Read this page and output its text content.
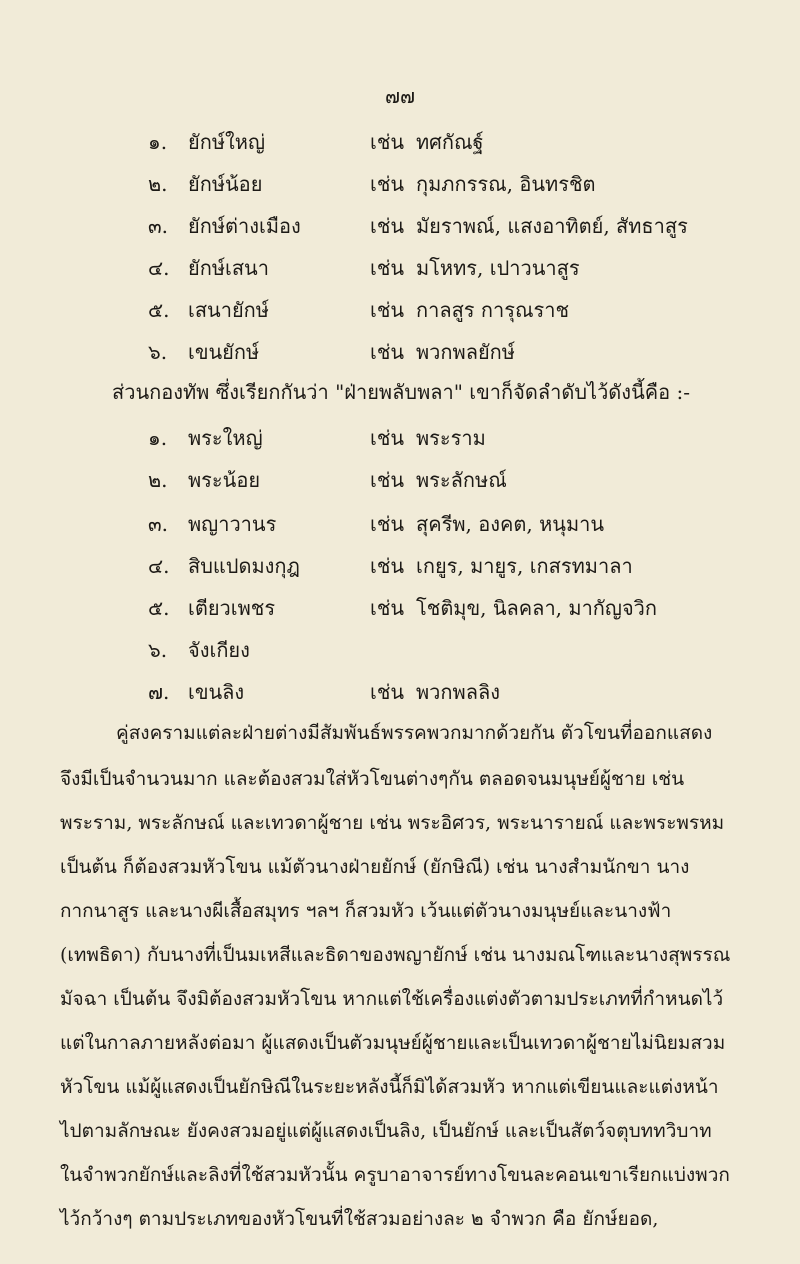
๗๗
๑. ยักษ์ใหญ่	เช่น ทศกัณฐ์
๒. ยักษ์น้อย	เช่น กุมภกรรณ, อินทรชิต
๓. ยักษ์ต่างเมือง	เช่น มัยราพณ์, แสงอาทิตย์, สัทธาสูร
๔. ยักษ์เสนา	เช่น มโหทร, เปาวนาสูร
๕. เสนายักษ์	เช่น กาลสูร การุณราช
๖. เขนยักษ์	เช่น พวกพลยักษ์
ส่วนกองทัพ ซึ่งเรียกกันว่า "ฝ่ายพลับพลา" เขาก็จัดลำดับไว้ดังนี้คือ :-
๑. พระใหญ่	เช่น พระราม
๒. พระน้อย	เช่น พระลักษณ์
๓. พญาวานร	เช่น สุครีพ, องคต, หนุมาน
๔. สิบแปดมงกุฎ	เช่น เกยูร, มายูร, เกสรทมาลา
๕. เตียวเพชร	เช่น โชติมุข, นิลคลา, มากัญจวิก
๖. จังเกียง
๗. เขนลิง	เช่น พวกพลลิง
คู่สงครามแต่ละฝ่ายต่างมีสัมพันธ์พรรคพวกมากด้วยกัน ตัวโขนที่ออกแสดง
จึงมีเป็นจำนวนมาก และต้องสวมใส่หัวโขนต่างๆกัน ตลอดจนมนุษย์ผู้ชาย เช่น
พระราม, พระลักษณ์ และเทวดาผู้ชาย เช่น พระอิศวร, พระนารายณ์ และพระพรหม
เป็นต้น ก็ต้องสวมหัวโขน แม้ตัวนางฝ่ายยักษ์ (ยักษิณี) เช่น นางสำมนักขา นาง
กากนาสูร และนางผีเสื้อสมุทร ฯลฯ ก็สวมหัว เว้นแต่ตัวนางมนุษย์และนางฟ้า
(เทพธิดา) กับนางที่เป็นมเหสีและธิดาของพญายักษ์ เช่น นางมณโฑและนางสุพรรณ
มัจฉา เป็นต้น จึงมิต้องสวมหัวโขน หากแต่ใช้เครื่องแต่งตัวตามประเภทที่กำหนดไว้
แต่ในกาลภายหลังต่อมา ผู้แสดงเป็นตัวมนุษย์ผู้ชายและเป็นเทวดาผู้ชายไม่นิยมสวม
หัวโขน แม้ผู้แสดงเป็นยักษิณีในระยะหลังนี้ก็มิได้สวมหัว หากแต่เขียนและแต่งหน้า
ไปตามลักษณะ ยังคงสวมอยู่แต่ผู้แสดงเป็นลิง, เป็นยักษ์ และเป็นสัตว์จตุบททวิบาท
ในจำพวกยักษ์และลิงที่ใช้สวมหัวนั้น ครูบาอาจารย์ทางโขนละคอนเขาเรียกแบ่งพวก
ไว้กว้างๆ ตามประเภทของหัวโขนที่ใช้สวมอย่างละ ๒ จำพวก คือ ยักษ์ยอด,
